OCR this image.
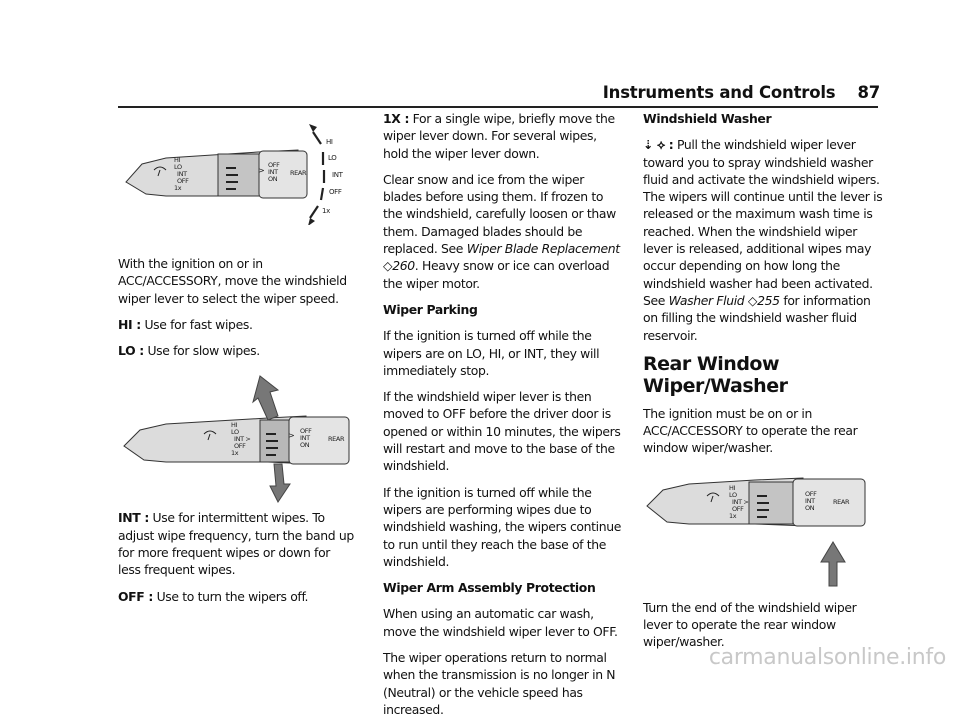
Instruments and Controls 87
HI
LO
INT
OFF
1x
OFF
INT
ON
REAR
>
HI
LO
INT
OFF
1x

With the ignition on or in ACC/ACCESSORY, move the windshield wiper lever to select the wiper speed.

HI : Use for fast wipes.

LO : Use for slow wipes.

HI
LO
INT >
OFF
1x
OFF
INT
ON
REAR
>

INT : Use for intermittent wipes. To adjust wipe frequency, turn the band up for more frequent wipes or down for less frequent wipes.

OFF : Use to turn the wipers off.

1X : For a single wipe, briefly move the wiper lever down. For several wipes, hold the wiper lever down.

Clear snow and ice from the wiper blades before using them. If frozen to the windshield, carefully loosen or thaw them. Damaged blades should be replaced. See Wiper Blade Replacement ◇260. Heavy snow or ice can overload the wiper motor.

Wiper Parking

If the ignition is turned off while the wipers are on LO, HI, or INT, they will immediately stop.

If the windshield wiper lever is then moved to OFF before the driver door is opened or within 10 minutes, the wipers will restart and move to the base of the windshield.

If the ignition is turned off while the wipers are performing wipes due to windshield washing, the wipers continue to run until they reach the base of the windshield.

Wiper Arm Assembly Protection

When using an automatic car wash, move the windshield wiper lever to OFF.

The wiper operations return to normal when the transmission is no longer in N (Neutral) or the vehicle speed has increased.

Windshield Washer

⇣ ⟡ : Pull the windshield wiper lever toward you to spray windshield washer fluid and activate the windshield wipers. The wipers will continue until the lever is released or the maximum wash time is reached. When the windshield wiper lever is released, additional wipes may occur depending on how long the windshield washer had been activated. See Washer Fluid ◇255 for information on filling the windshield washer fluid reservoir.

Rear Window Wiper/Washer

The ignition must be on or in ACC/ACCESSORY to operate the rear window wiper/washer.

HI
LO
INT >
OFF
1x
OFF
INT
ON
REAR

Turn the end of the windshield wiper lever to operate the rear window wiper/washer.

carmanualsonline.info
